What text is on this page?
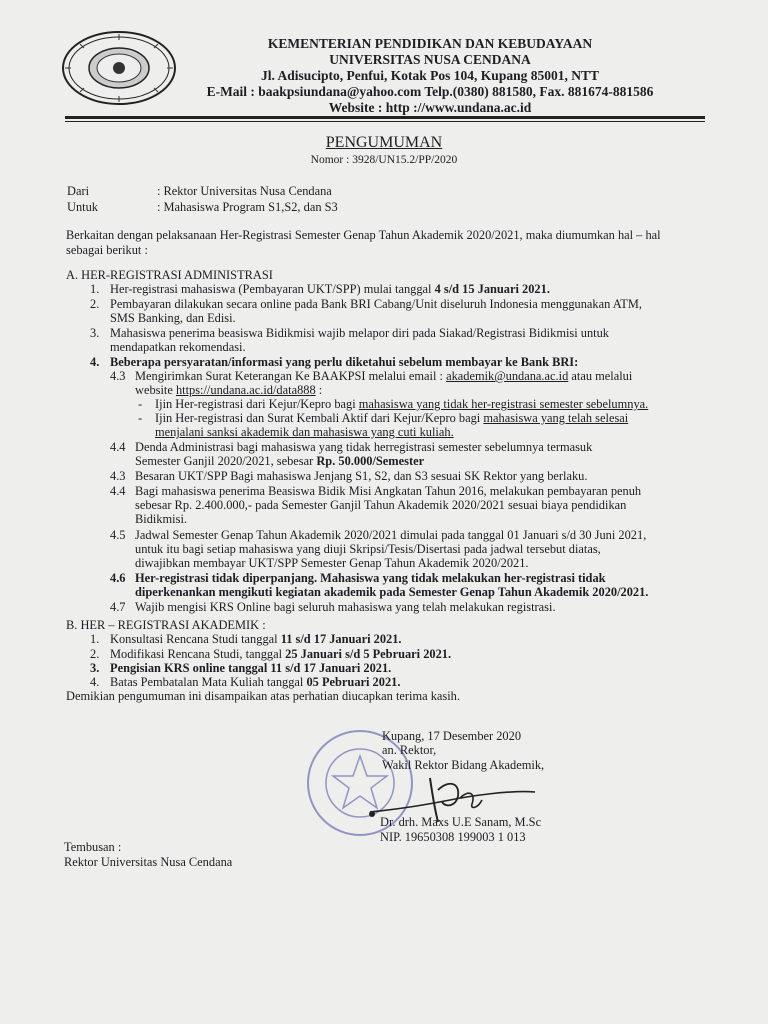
KEMENTERIAN PENDIDIKAN DAN KEBUDAYAAN
UNIVERSITAS NUSA CENDANA
Jl. Adisucipto, Penfui, Kotak Pos 104, Kupang 85001, NTT
E-Mail : baakpsiundana@yahoo.com Telp.(0380) 881580, Fax. 881674-881586
Website : http ://www.undana.ac.id
PENGUMUMAN
Nomor : 3928/UN15.2/PP/2020
Dari	: Rektor Universitas Nusa Cendana
Untuk	: Mahasiswa Program S1,S2, dan S3
Berkaitan dengan pelaksanaan Her-Registrasi Semester Genap Tahun Akademik 2020/2021, maka diumumkan hal – hal
sebagai berikut :
A. HER-REGISTRASI ADMINISTRASI
1. Her-registrasi mahasiswa (Pembayaran UKT/SPP) mulai tanggal 4 s/d 15 Januari 2021.
2. Pembayaran dilakukan secara online pada Bank BRI Cabang/Unit diseluruh Indonesia menggunakan ATM,
SMS Banking, dan Edisi.
3. Mahasiswa penerima beasiswa Bidikmisi wajib melapor diri pada Siakad/Registrasi Bidikmisi untuk
mendapatkan rekomendasi.
4. Beberapa persyaratan/informasi yang perlu diketahui sebelum membayar ke Bank BRI:
4.3 Mengirimkan Surat Keterangan Ke BAAKPSI melalui email : akademik@undana.ac.id atau melalui
website https://undana.ac.id/data888 :
- Ijin Her-registrasi dari Kejur/Kepro bagi mahasiswa yang tidak her-registrasi semester sebelumnya.
- Ijin Her-registrasi dan Surat Kembali Aktif dari Kejur/Kepro bagi mahasiswa yang telah selesai
menjalani sanksi akademik dan mahasiswa yang cuti kuliah.
4.4 Denda Administrasi bagi mahasiswa yang tidak herregistrasi semester sebelumnya termasuk
Semester Ganjil 2020/2021, sebesar Rp. 50.000/Semester
4.3 Besaran UKT/SPP Bagi mahasiswa Jenjang S1, S2, dan S3 sesuai SK Rektor yang berlaku.
4.4 Bagi mahasiswa penerima Beasiswa Bidik Misi Angkatan Tahun 2016, melakukan pembayaran penuh
sebesar Rp. 2.400.000,- pada Semester Ganjil Tahun Akademik 2020/2021 sesuai biaya pendidikan
Bidikmisi.
4.5 Jadwal Semester Genap Tahun Akademik 2020/2021 dimulai pada tanggal 01 Januari s/d 30 Juni 2021,
untuk itu bagi setiap mahasiswa yang diuji Skripsi/Tesis/Disertasi pada jadwal tersebut diatas,
diwajibkan membayar UKT/SPP Semester Genap Tahun Akademik 2020/2021.
4.6 Her-registrasi tidak diperpanjang. Mahasiswa yang tidak melakukan her-registrasi tidak
diperkenankan mengikuti kegiatan akademik pada Semester Genap Tahun Akademik 2020/2021.
4.7 Wajib mengisi KRS Online bagi seluruh mahasiswa yang telah melakukan registrasi.
B. HER – REGISTRASI AKADEMIK :
1. Konsultasi Rencana Studi tanggal 11 s/d 17 Januari 2021.
2. Modifikasi Rencana Studi, tanggal 25 Januari s/d 5 Pebruari 2021.
3. Pengisian KRS online tanggal 11 s/d 17 Januari 2021.
4. Batas Pembatalan Mata Kuliah tanggal 05 Pebruari 2021.
Demikian pengumuman ini disampaikan atas perhatian diucapkan terima kasih.
Kupang, 17 Desember 2020
an. Rektor,
Wakil Rektor Bidang Akademik,
Dr. drh. Maxs U.E Sanam, M.Sc
NIP. 19650308 199003 1 013
Tembusan :
Rektor Universitas Nusa Cendana
